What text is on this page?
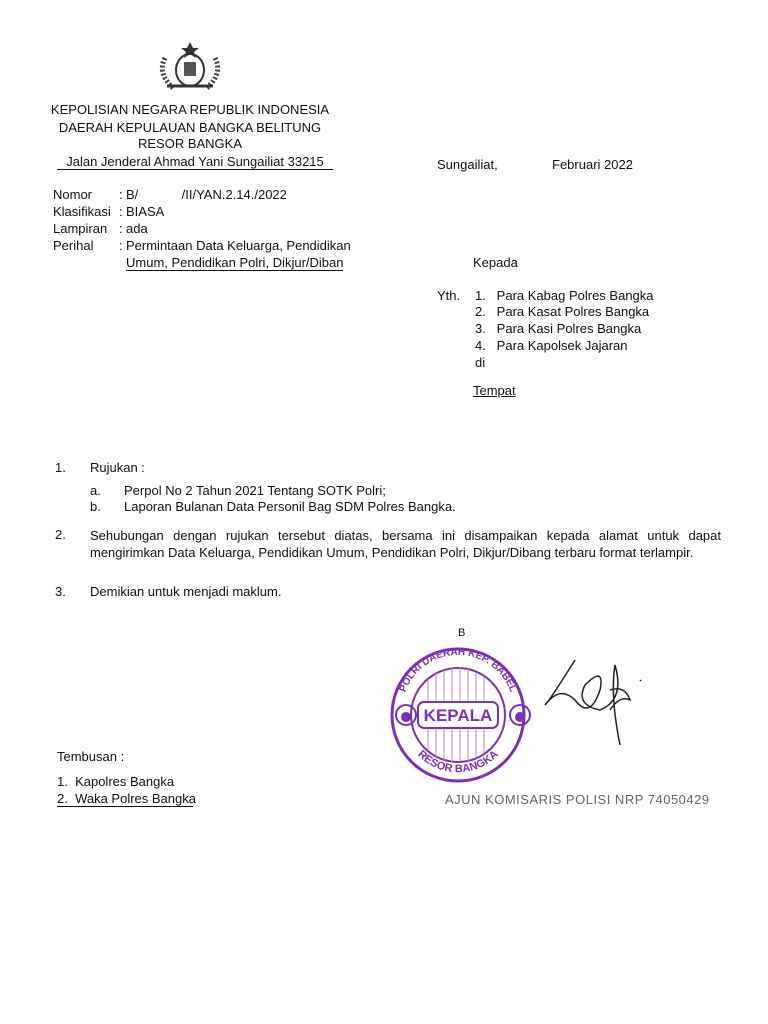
KEPOLISIAN NEGARA REPUBLIK INDONESIA
DAERAH KEPULAUAN BANGKA BELITUNG
RESOR BANGKA
Jalan Jenderal Ahmad Yani Sungailiat 33215	Sungailiat,	Februari 2022
Nomor : B/            /II/YAN.2.14./2022
Klasifikasi : BIASA
Lampiran : ada
Perihal : Permintaan Data Keluarga, Pendidikan
Umum, Pendidikan Polri, Dikjur/Diban	Kepada
Yth. 1.   Para Kabag Polres Bangka
2.   Para Kasat Polres Bangka
3.   Para Kasi Polres Bangka
4.   Para Kapolsek Jajaran
di
Tempat
1. Rujukan :
a. Perpol No 2 Tahun 2021 Tentang SOTK Polri;
b. Laporan Bulanan Data Personil Bag SDM Polres Bangka.
2. Sehubungan dengan rujukan tersebut diatas, bersama ini disampaikan kepada alamat untuk dapat mengirimkan Data Keluarga, Pendidikan Umum, Pendidikan Polri, Dikjur/Dibang terbaru format terlampir.
3. Demikian untuk menjadi maklum.
B
KEPALA
POLRI DAERAH KEP. BABEL
RESOR BANGKA
AJUN KOMISARIS POLISI NRP 74050429
Tembusan :
1.  Kapolres Bangka
2.  Waka Polres Bangka
